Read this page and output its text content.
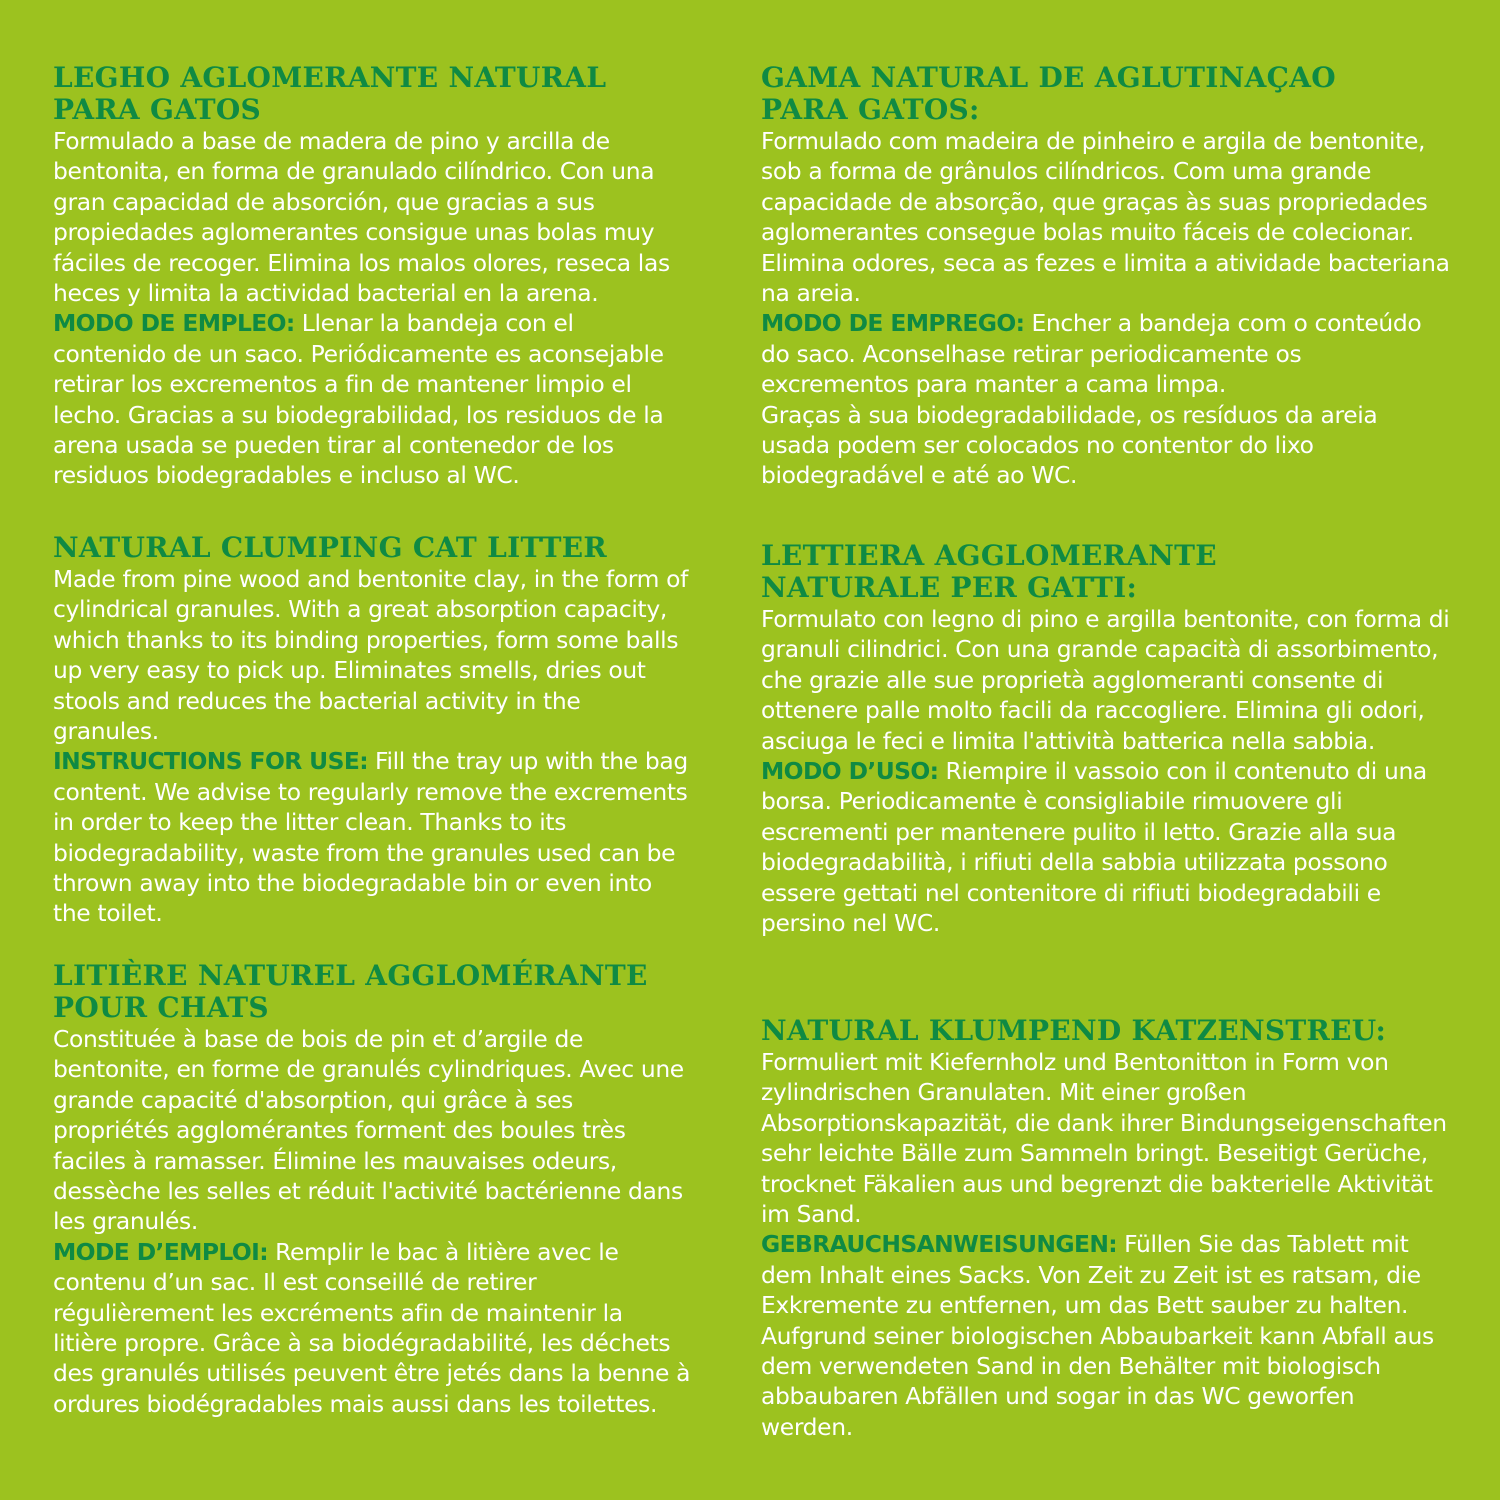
LEGHO AGLOMERANTE NATURAL
PARA GATOS

Formulado a base de madera de pino y arcilla de bentonita, en forma de granulado cilíndrico. Con una gran capacidad de absorción, que gracias a sus propiedades aglomerantes consigue unas bolas muy fáciles de recoger. Elimina los malos olores, reseca las heces y limita la actividad bacterial en la arena.

MODO DE EMPLEO: Llenar la bandeja con el contenido de un saco. Periódicamente es aconsejable retirar los excrementos a fin de mantener limpio el lecho. Gracias a su biodegrabilidad, los residuos de la arena usada se pueden tirar al contenedor de los residuos biodegradables e incluso al WC.

NATURAL CLUMPING CAT LITTER

Made from pine wood and bentonite clay, in the form of cylindrical granules. With a great absorption capacity, which thanks to its binding properties, form some balls up very easy to pick up. Eliminates smells, dries out stools and reduces the bacterial activity in the granules.

INSTRUCTIONS FOR USE: Fill the tray up with the bag content. We advise to regularly remove the excrements in order to keep the litter clean. Thanks to its biodegradability, waste from the granules used can be thrown away into the biodegradable bin or even into the toilet.

LITIÈRE NATUREL AGGLOMÉRANTE
POUR CHATS

Constituée à base de bois de pin et d’argile de bentonite, en forme de granulés cylindriques. Avec une grande capacité d'absorption, qui grâce à ses propriétés agglomérantes forment des boules très faciles à ramasser. Élimine les mauvaises odeurs, dessèche les selles et réduit l'activité bactérienne dans les granulés.

MODE D’EMPLOI: Remplir le bac à litière avec le contenu d’un sac. Il est conseillé de retirer régulièrement les excréments afin de maintenir la litière propre. Grâce à sa biodégradabilité, les déchets des granulés utilisés peuvent être jetés dans la benne à ordures biodégradables mais aussi dans les toilettes.

GAMA NATURAL DE AGLUTINAÇAO
PARA GATOS:

Formulado com madeira de pinheiro e argila de bentonite, sob a forma de grânulos cilíndricos. Com uma grande capacidade de absorção, que graças às suas propriedades aglomerantes consegue bolas muito fáceis de colecionar. Elimina odores, seca as fezes e limita a atividade bacteriana na areia.

MODO DE EMPREGO: Encher a bandeja com o conteúdo do saco. Aconselhase retirar periodicamente os excrementos para manter a cama limpa.

Graças à sua biodegradabilidade, os resíduos da areia usada podem ser colocados no contentor do lixo biodegradável e até ao WC.

LETTIERA AGGLOMERANTE
NATURALE PER GATTI:

Formulato con legno di pino e argilla bentonite, con forma di granuli cilindrici. Con una grande capacità di assorbimento, che grazie alle sue proprietà agglomeranti consente di ottenere palle molto facili da raccogliere. Elimina gli odori, asciuga le feci e limita l'attività batterica nella sabbia.

MODO D’USO: Riempire il vassoio con il contenuto di una borsa. Periodicamente è consigliabile rimuovere gli escrementi per mantenere pulito il letto. Grazie alla sua biodegradabilità, i rifiuti della sabbia utilizzata possono essere gettati nel contenitore di rifiuti biodegradabili e persino nel WC.

NATURAL KLUMPEND KATZENSTREU:

Formuliert mit Kiefernholz und Bentonitton in Form von zylindrischen Granulaten. Mit einer großen Absorptionskapazität, die dank ihrer Bindungseigenschaften sehr leichte Bälle zum Sammeln bringt. Beseitigt Gerüche, trocknet Fäkalien aus und begrenzt die bakterielle Aktivität im Sand.

GEBRAUCHSANWEISUNGEN: Füllen Sie das Tablett mit dem Inhalt eines Sacks. Von Zeit zu Zeit ist es ratsam, die Exkremente zu entfernen, um das Bett sauber zu halten. Aufgrund seiner biologischen Abbaubarkeit kann Abfall aus dem verwendeten Sand in den Behälter mit biologisch abbaubaren Abfällen und sogar in das WC geworfen werden.
